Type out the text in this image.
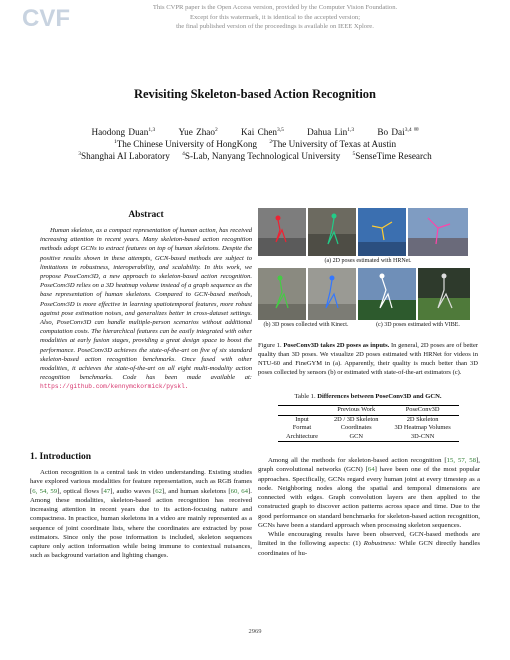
CVF	This CVPR paper is the Open Access version, provided by the Computer Vision Foundation.
Except for this watermark, it is identical to the accepted version;
the final published version of the proceedings is available on IEEE Xplore.
Revisiting Skeleton-based Action Recognition
Haodong Duan$^{1,3}$	Yue Zhao$^2$	Kai Chen$^{3,5}$	Dahua Lin$^{1,3}$	Bo Dai$^{3,4 ✉}$
$^1$The Chinese University of HongKong $^2$The University of Texas at Austin
$^3$Shanghai AI Laboratory $^4$S-Lab, Nanyang Technological University $^5$SenseTime Research
Abstract
Human skeleton, as a compact representation of human action, has received increasing attention in recent years. Many skeleton-based action recognition methods adopt GCNs to extract features on top of human skeletons. Despite the positive results shown in these attempts, GCN-based methods are subject to limitations in robustness, interoperability, and scalability. In this work, we propose PoseConv3D, a new approach to skeleton-based action recognition. PoseConv3D relies on a 3D heatmap volume instead of a graph sequence as the base representation of human skeletons. Compared to GCN-based methods, PoseConv3D is more effective in learning spatiotemporal features, more robust against pose estimation noises, and generalizes better in cross-dataset settings. Also, PoseConv3D can handle multiple-person scenarios without additional computation costs. The hierarchical features can be easily integrated with other modalities at early fusion stages, providing a great design space to boost the performance. PoseConv3D achieves the state-of-the-art on five of six standard skeleton-based action recognition benchmarks. Once fused with other modalities, it achieves the state-of-the-art on all eight multi-modality action recognition benchmarks. Code has been made available at: https://github.com/kennymckormick/pyskl.
1. Introduction
Action recognition is a central task in video understanding. Existing studies have explored various modalities for feature representation, such as RGB frames [6, 54, 59], optical flows [47], audio waves [62], and human skeletons [60, 64]. Among these modalities, skeleton-based action recognition has received increasing attention in recent years due to its action-focusing nature and compactness. In practice, human skeletons in a video are mainly represented as a sequence of joint coordinate lists, where the coordinates are extracted by pose estimators. Since only the pose information is included, skeleton sequences capture only action information while being immune to contextual nuisances, such as background variation and lighting changes.
(a) 2D poses estimated with HRNet.
(b) 3D poses collected with Kinect.	(c) 3D poses estimated with VIBE.
Figure 1. PoseConv3D takes 2D poses as inputs. In general, 2D poses are of better quality than 3D poses. We visualize 2D poses estimated with HRNet for videos in NTU-60 and FineGYM in (a). Apparently, their quality is much better than 3D poses collected by sensors (b) or estimated with state-of-the-art estimators (c).
Table 1. Differences between PoseConv3D and GCN.
	Previous Work	PoseConv3D
Input	2D / 3D Skeleton	2D Skeleton
Format	Coordinates	3D Heatmap Volumes
Architecture	GCN	3D-CNN

Among all the methods for skeleton-based action recognition [15, 57, 58], graph convolutional networks (GCN) [64] have been one of the most popular approaches. Specifically, GCNs regard every human joint at every timestep as a node. Neighboring nodes along the spatial and temporal dimensions are connected with edges. Graph convolution layers are then applied to the constructed graph to discover action patterns across space and time. Due to the good performance on standard benchmarks for skeleton-based action recognition, GCNs have been a standard approach when processing skeleton sequences.

While encouraging results have been observed, GCN-based methods are limited in the following aspects: (1) Robustness: While GCN directly handles coordinates of hu-

2969
